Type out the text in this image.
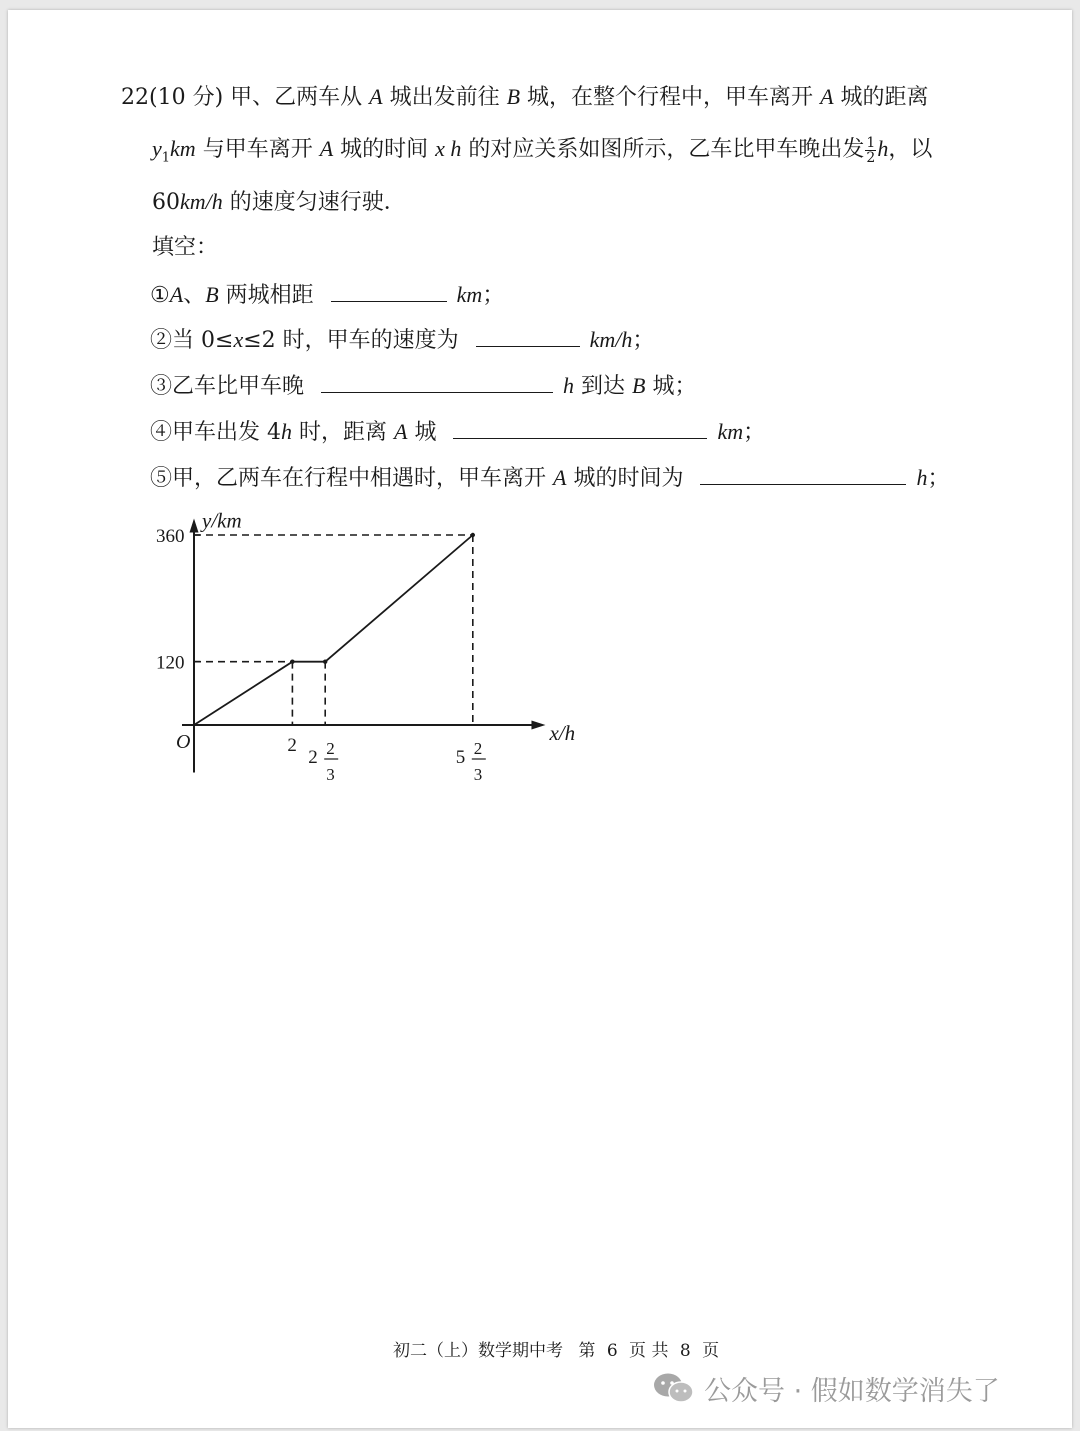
22(10 分) 甲、乙两车从 A 城出发前往 B 城，在整个行程中，甲车离开 A 城的距离
$y_1km$ 与甲车离开 A 城的时间 x h 的对应关系如图所示，乙车比甲车晚出发 $\frac{1}{2}$ h，以
60km/h 的速度匀速行驶．
填空：
①A、B 两城相距	km；
②当 0≤x≤2 时，甲车的速度为	km/h；
③乙车比甲车晚	h 到达 B 城；
④甲车出发 4h 时，距离 A 城	km；
⑤甲，乙两车在行程中相遇时，甲车离开 A 城的时间为	h；
y/km
x/h
O
120
360
2
2 2
3
5 2
3
初二（上）数学期中考 第 6 页 共 8 页
公众号 · 假如数学消失了
